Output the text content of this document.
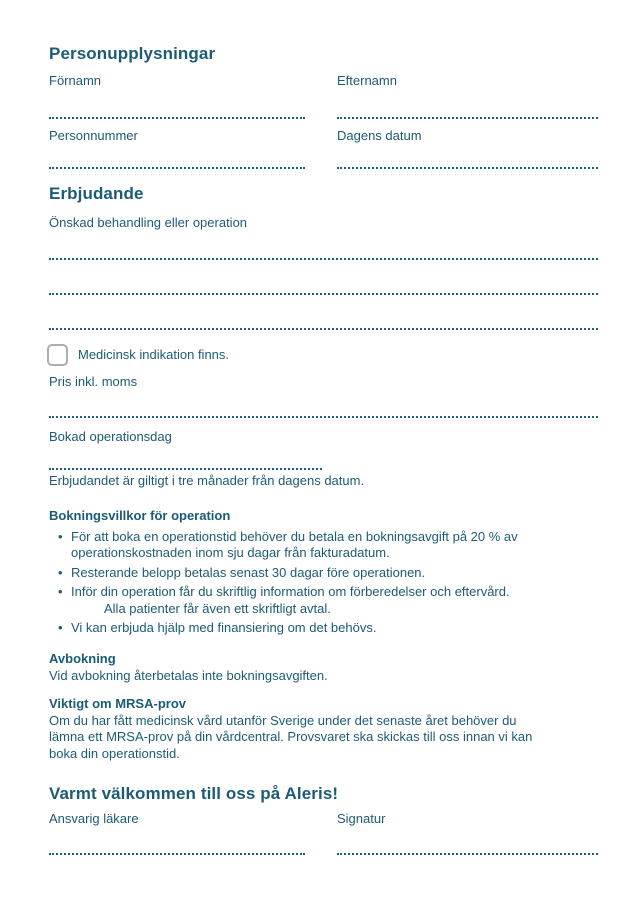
Personupplysningar
Förnamn	Efternamn
Personnummer	Dagens datum
Erbjudande
Önskad behandling eller operation
Medicinsk indikation finns.
Pris inkl. moms
Bokad operationsdag
Erbjudandet är giltigt i tre månader från dagens datum.
Bokningsvillkor för operation
• För att boka en operationstid behöver du betala en bokningsavgift på 20 % av
operationskostnaden inom sju dagar från fakturadatum.
• Resterande belopp betalas senast 30 dagar före operationen.
• Inför din operation får du skriftlig information om förberedelser och eftervård.
Alla patienter får även ett skriftligt avtal.
• Vi kan erbjuda hjälp med finansiering om det behövs.
Avbokning
Vid avbokning återbetalas inte bokningsavgiften.
Viktigt om MRSA-prov
Om du har fått medicinsk vård utanför Sverige under det senaste året behöver du
lämna ett MRSA-prov på din vårdcentral. Provsvaret ska skickas till oss innan vi kan
boka din operationstid.
Varmt välkommen till oss på Aleris!
Ansvarig läkare	Signatur
